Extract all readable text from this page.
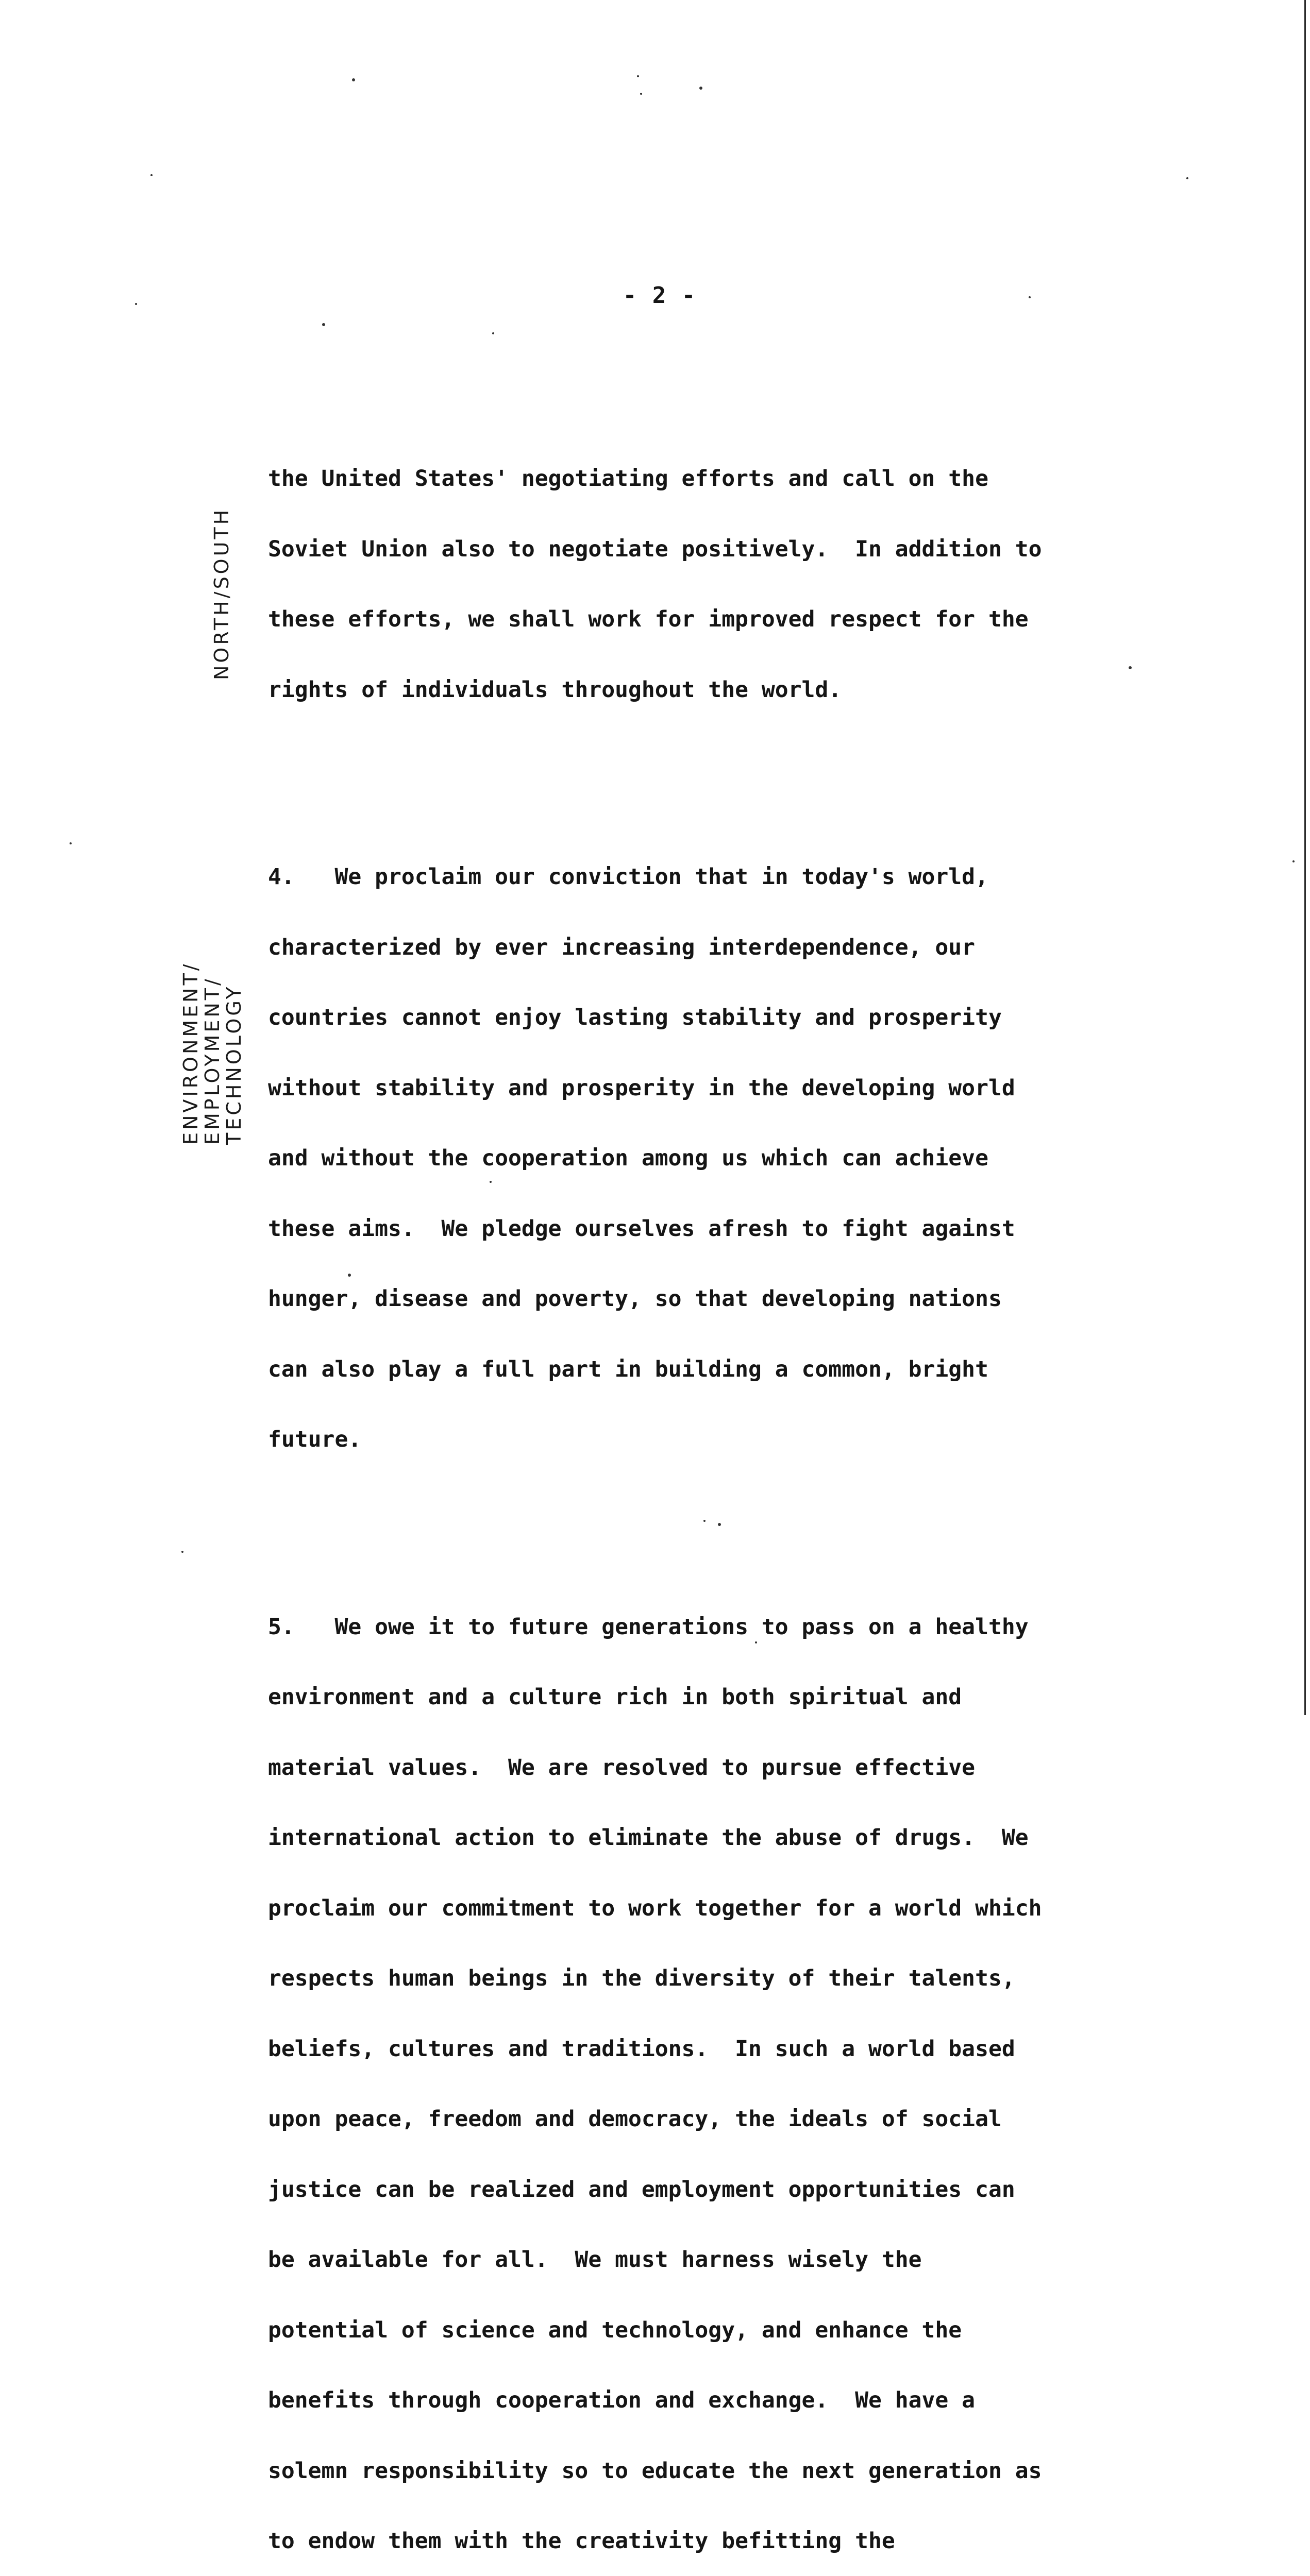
- 2 -
NORTH/SOUTH
ENVIRONMENT/
EMPLOYMENT/
TECHNOLOGY

the United States' negotiating efforts and call on the

Soviet Union also to negotiate positively.  In addition to

these efforts, we shall work for improved respect for the

rights of individuals throughout the world.

4.   We proclaim our conviction that in today's world,

characterized by ever increasing interdependence, our

countries cannot enjoy lasting stability and prosperity

without stability and prosperity in the developing world

and without the cooperation among us which can achieve

these aims.  We pledge ourselves afresh to fight against

hunger, disease and poverty, so that developing nations

can also play a full part in building a common, bright

future.

5.   We owe it to future generations to pass on a healthy

environment and a culture rich in both spiritual and

material values.  We are resolved to pursue effective

international action to eliminate the abuse of drugs.  We

proclaim our commitment to work together for a world which

respects human beings in the diversity of their talents,

beliefs, cultures and traditions.  In such a world based

upon peace, freedom and democracy, the ideals of social

justice can be realized and employment opportunities can

be available for all.  We must harness wisely the

potential of science and technology, and enhance the

benefits through cooperation and exchange.  We have a

solemn responsibility so to educate the next generation as

to endow them with the creativity befitting the
